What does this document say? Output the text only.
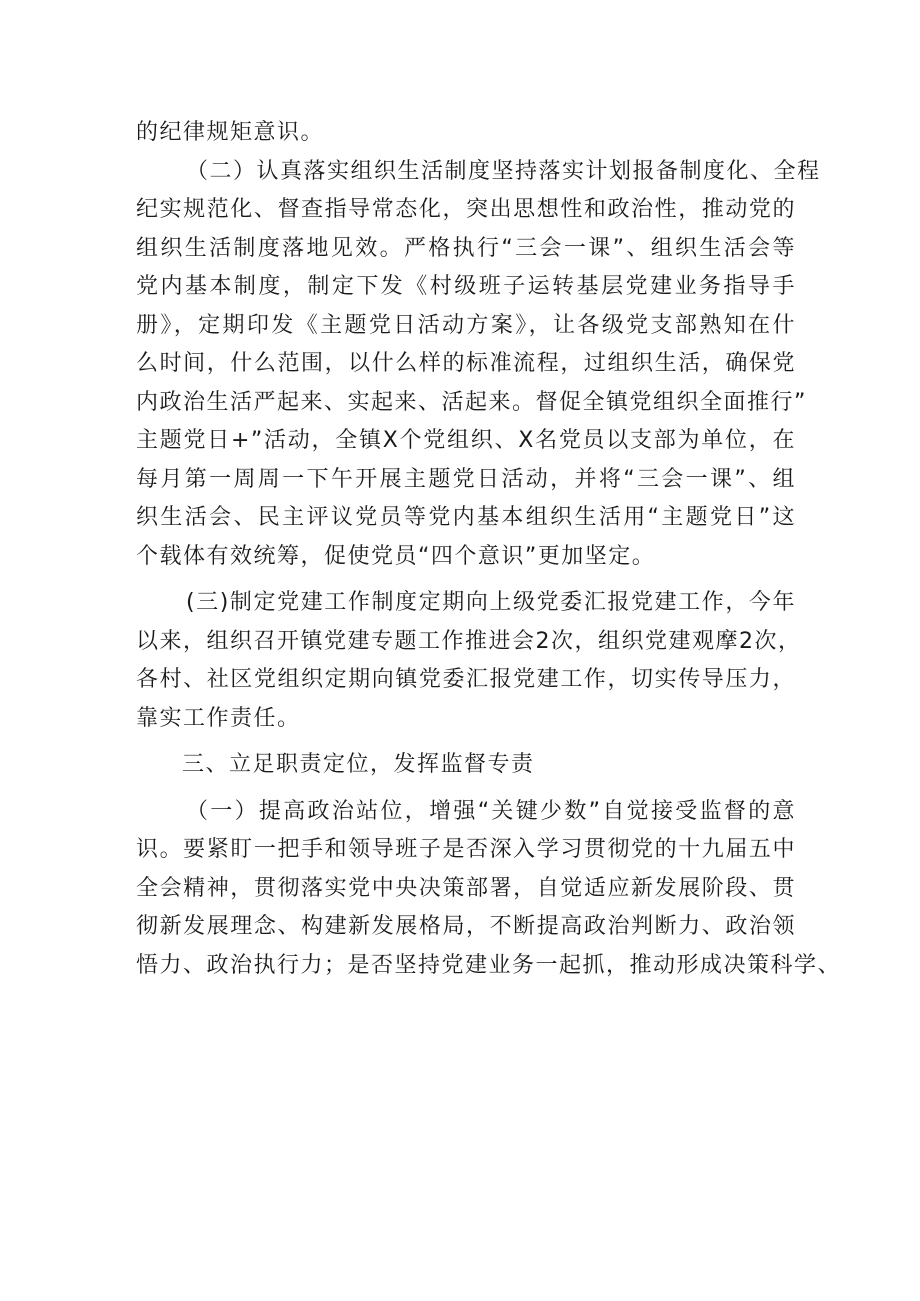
的纪律规矩意识。

（二）认真落实组织生活制度坚持落实计划报备制度化、全程

纪实规范化、督查指导常态化，突出思想性和政治性，推动党的

组织生活制度落地见效。严格执行“三会一课”、组织生活会等

党内基本制度，制定下发《村级班子运转基层党建业务指导手

册》，定期印发《主题党日活动方案》，让各级党支部熟知在什

么时间，什么范围，以什么样的标准流程，过组织生活，确保党

内政治生活严起来、实起来、活起来。督促全镇党组织全面推行”

主题党日+”活动，全镇X个党组织、X名党员以支部为单位，在

每月第一周周一下午开展主题党日活动，并将“三会一课”、组

织生活会、民主评议党员等党内基本组织生活用“主题党日”这

个载体有效统筹，促使党员“四个意识”更加坚定。

(三)制定党建工作制度定期向上级党委汇报党建工作，今年

以来，组织召开镇党建专题工作推进会2次，组织党建观摩2次，

各村、社区党组织定期向镇党委汇报党建工作，切实传导压力，

靠实工作责任。

三、立足职责定位，发挥监督专责

（一）提高政治站位，增强“关键少数”自觉接受监督的意

识。要紧盯一把手和领导班子是否深入学习贯彻党的十九届五中

全会精神，贯彻落实党中央决策部署，自觉适应新发展阶段、贯

彻新发展理念、构建新发展格局，不断提高政治判断力、政治领

悟力、政治执行力；是否坚持党建业务一起抓，推动形成决策科学、
